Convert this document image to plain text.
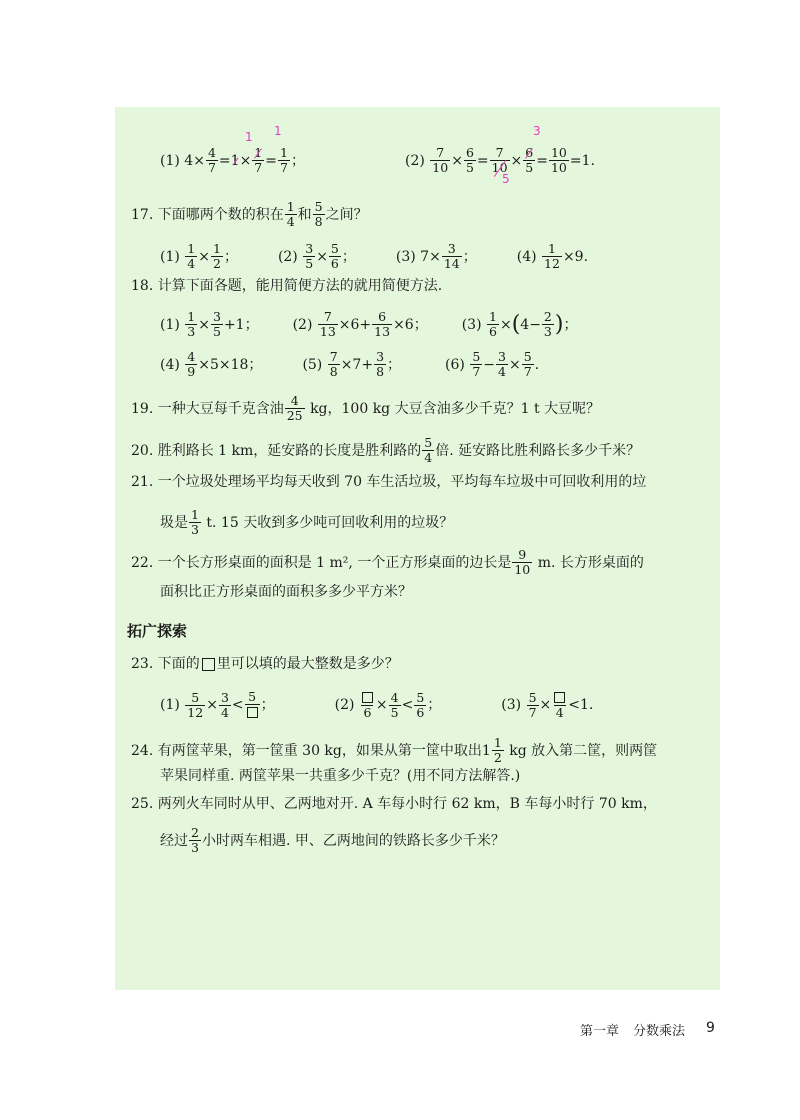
(1)
$4 \times \frac{4}{7} = 1 \times \frac{1}{7} = \frac{1}{7}$ ；
1 1
(2)
$\frac{7}{10} \times \frac{6}{5} = \frac{7}{10} \times \frac{6}{5} = \frac{10}{10} = 1$.
3
5
17.
下面哪两个数的积在 $\frac{1}{4}$ 和 $\frac{5}{8}$ 之间？
(1)
$\frac{1}{4} \times \frac{1}{2}$ ；	(2)
$\frac{3}{5} \times \frac{5}{6}$ ；	(3)
$7 \times \frac{3}{14}$ ；	(4)
$\frac{1}{12} \times 9$ .
18.
计算下面各题，能用简便方法的就用简便方法.
(1)
$\frac{1}{3} \times \frac{3}{5} +1$； (2)
$\frac{7}{13} \times 6+ \frac{6}{13} \times 6$； (3)
$\frac{1}{6}$ × ( $4- \frac{2}{3}$ ) ；
(4)
$\frac{4}{9} \times 5\times 18$；	(5)
$\frac{7}{8} \times 7+ \frac{3}{8}$ ；	(6)
$\frac{5}{7} - \frac{3}{4} \times \frac{5}{7}$ .
19.
一种大豆每千克含油 $\frac{4}{25}$
kg，100 kg 大豆含油多少千克？1 t 大豆呢？
20.
胜利路长 1 km，延安路的长度是胜利路的 $\frac{5}{4}$ 倍. 延安路比胜利路长多少千米？
21.
一个垃圾处理场平均每天收到 70 车生活垃圾，平均每车垃圾中可回收利用的垃
圾是 $\frac{1}{3}$
t. 15 天收到多少吨可回收利用的垃圾？
22.
一个长方形桌面的面积是 1 m², 一个正方形桌面的边长是 $\frac{9}{10}$
m. 长方形桌面的
面积比正方形桌面的面积多多少平方米？
拓广探索
23.
下面的 里可以填的最大整数是多少？
(1)
$\frac{5}{12} \times \frac{3}{4}$ <
5
；	(2)
$6 \times \frac{4}{5} < \frac{5}{6}$ ；	(3)
$\frac{5}{7} \times 4 <1$.
24.
有两筐苹果，第一筐重 30 kg，如果从第一筐中取出 $1 \frac{1}{2}$
kg 放入第二筐，则两筐
苹果同样重. 两筐苹果一共重多少千克？(用不同方法解答.)
25.
两列火车同时从甲、乙两地对开. A 车每小时行 62 km，B 车每小时行 70 km，
经过 $\frac{2}{3}$ 小时两车相遇. 甲、乙两地间的铁路长多少千米？
第一章 分数乘法 9
